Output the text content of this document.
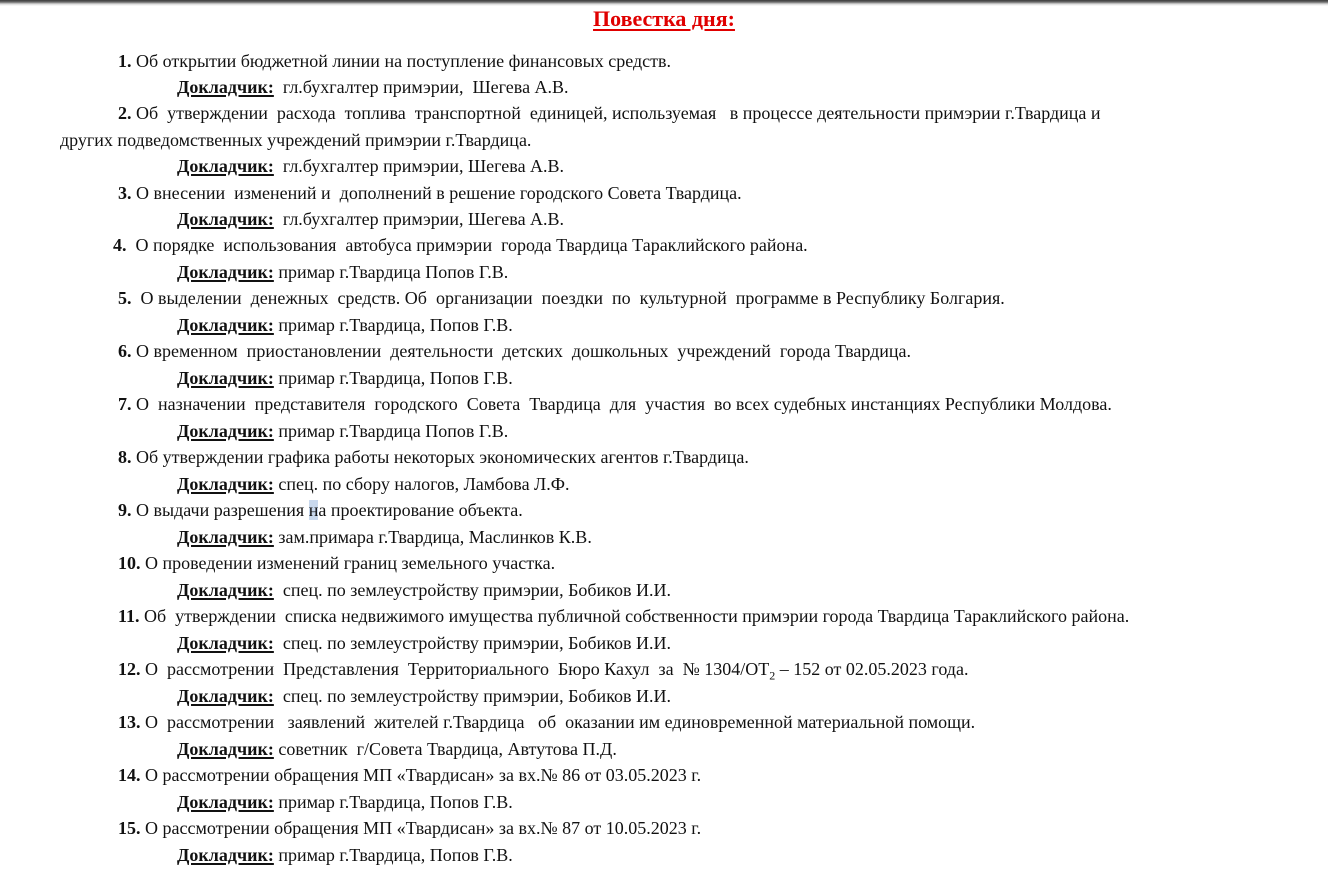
Повестка дня:
1. Об открытии бюджетной линии на поступление финансовых средств.
Докладчик:  гл.бухгалтер примэрии,  Шегева А.В.
2. Об  утверждении  расхода  топлива  транспортной  единицей, используемая   в процессе деятельности примэрии г.Твардица и
других подведомственных учреждений примэрии г.Твардица.
Докладчик:  гл.бухгалтер примэрии, Шегева А.В.
3. О внесении  изменений и  дополнений в решение городского Совета Твардица.
Докладчик:  гл.бухгалтер примэрии, Шегева А.В.
4.  О порядке  использования  автобуса примэрии  города Твардица Тараклийского района.
Докладчик: примар г.Твардица Попов Г.В.
5.  О выделении  денежных  средств. Об  организации  поездки  по  культурной  программе в Республику Болгария.
Докладчик: примар г.Твардица, Попов Г.В.
6. О временном  приостановлении  деятельности  детских  дошкольных  учреждений  города Твардица.
Докладчик: примар г.Твардица, Попов Г.В.
7. О  назначении  представителя  городского  Совета  Твардица  для  участия  во всех судебных инстанциях Республики Молдова.
Докладчик: примар г.Твардица Попов Г.В.
8. Об утверждении графика работы некоторых экономических агентов г.Твардица.
Докладчик: спец. по сбору налогов, Ламбова Л.Ф.
9. О выдачи разрешения на проектирование объекта.
Докладчик: зам.примара г.Твардица, Маслинков К.В.
10. О проведении изменений границ земельного участка.
Докладчик:  спец. по землеустройству примэрии, Бобиков И.И.
11. Об  утверждении  списка недвижимого имущества публичной собственности примэрии города Твардица Тараклийского района.
Докладчик:  спец. по землеустройству примэрии, Бобиков И.И.
12. О  рассмотрении  Представления  Территориального  Бюро Кахул  за  № $1304/ОТ_2 - 152$ от 02.05.2023 года.
Докладчик:  спец. по землеустройству примэрии, Бобиков И.И.
13. О  рассмотрении   заявлений  жителей г.Твардица   об  оказании им единовременной материальной помощи.
Докладчик: советник  г/Совета Твардица, Автутова П.Д.
14. О рассмотрении обращения МП «Твардисан» за вх.№ 86 от 03.05.2023 г.
Докладчик: примар г.Твардица, Попов Г.В.
15. О рассмотрении обращения МП «Твардисан» за вх.№ 87 от 10.05.2023 г.
Докладчик: примар г.Твардица, Попов Г.В.
